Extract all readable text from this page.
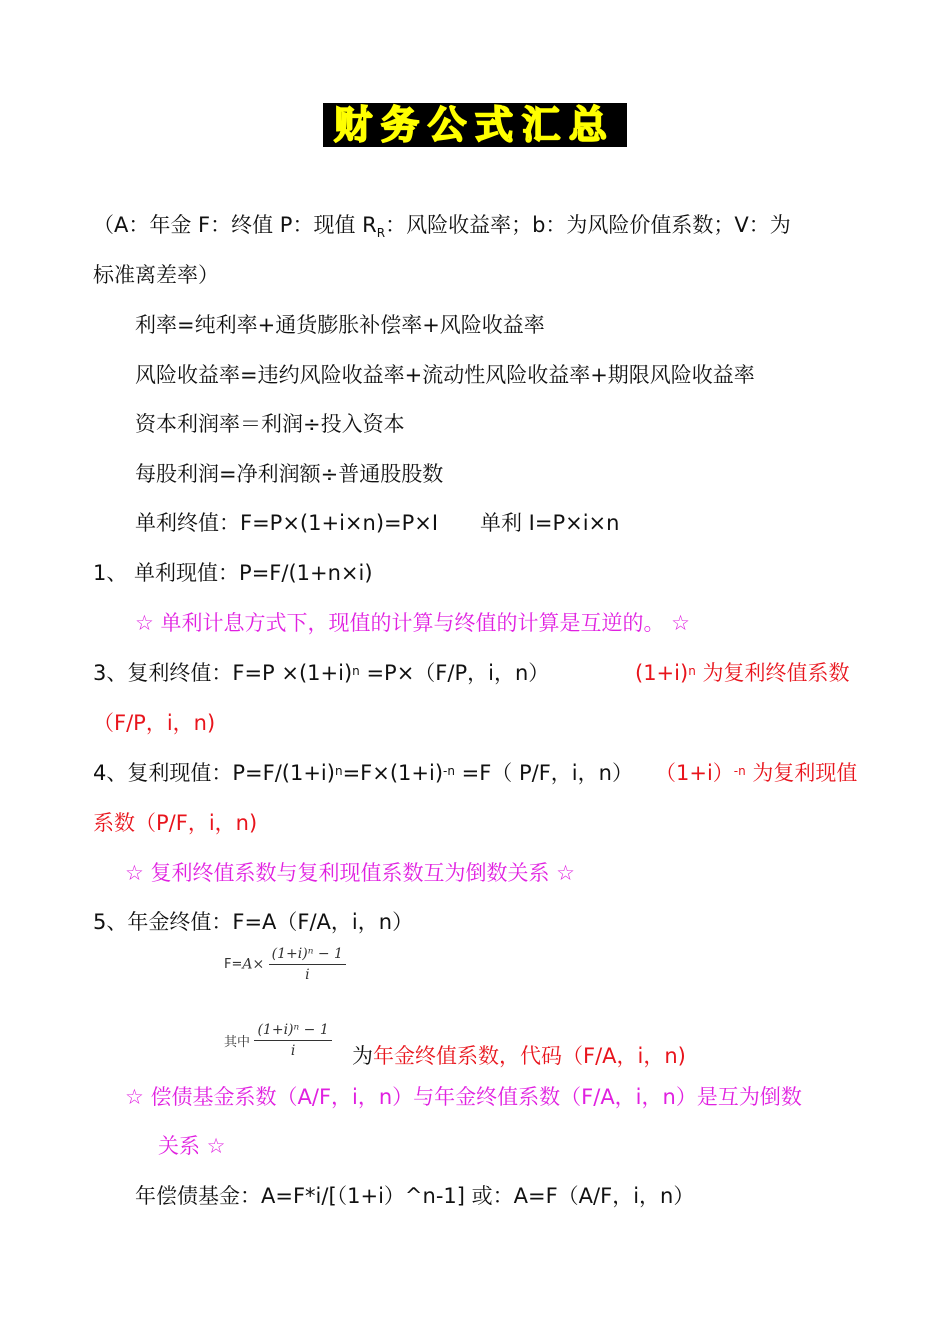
财务公式汇总
（A：年金 F：终值 P：现值 $R_R$：风险收益率；b：为风险价值系数；V：为
标准离差率）
利率=纯利率+通货膨胀补偿率+风险收益率
风险收益率=违约风险收益率+流动性风险收益率+期限风险收益率
资本利润率＝利润÷投入资本
每股利润=净利润额÷普通股股数
单利终值：F=P×(1+i×n)=P×I 单利 I=P×i×n
1、 单利现值：P=F/(1+n×i)
☆ 单利计息方式下，现值的计算与终值的计算是互逆的。 ☆
3、复利终值：$F=P \times(1+i)^n =P\times(F/P$，i，n）	$(1+i)^n$ 为复利终值系数
（F/P，i，n)
4、复利现值：$P=F/(1+i)^n=F\times(1+i)^{-n} =F$（ P/F，i，n） $(1+i)^{-n}$ 为复利现值
系数（P/F，i，n)
☆ 复利终值系数与复利现值系数互为倒数关系 ☆
5、年金终值：F=A（F/A，i，n）
$F=A\times \frac{\text{(1+i)ⁿ − 1}}{i}$
其中 $\frac{\text{(1+i)ⁿ − 1}}{i}$ 为年金终值系数，代码（F/A，i，n)
☆ 偿债基金系数（A/F，i，n）与年金终值系数（F/A，i，n）是互为倒数
关系 ☆
年偿债基金：A=F*i/[（1+i）^n-1] 或：A=F（A/F，i，n）
